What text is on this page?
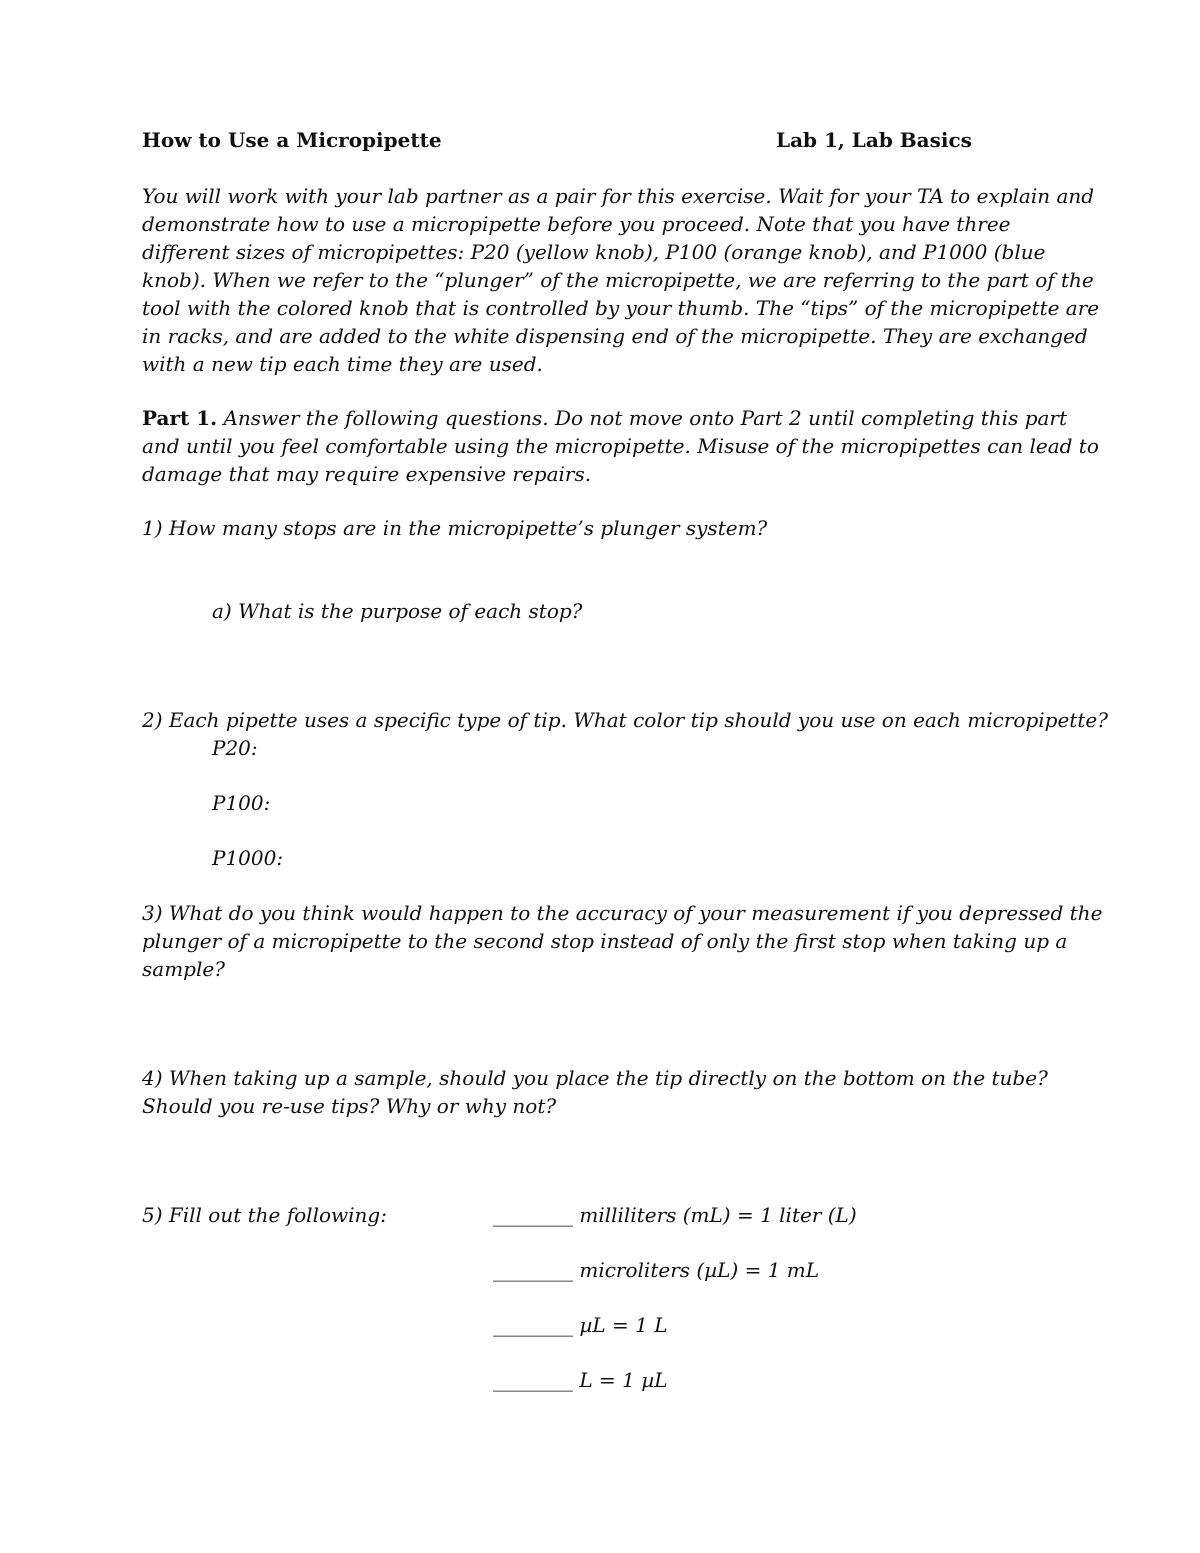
How to Use a Micropipette	Lab 1, Lab Basics
You will work with your lab partner as a pair for this exercise. Wait for your TA to explain and
demonstrate how to use a micropipette before you proceed. Note that you have three
different sizes of micropipettes: P20 (yellow knob), P100 (orange knob), and P1000 (blue
knob). When we refer to the “plunger” of the micropipette, we are referring to the part of the
tool with the colored knob that is controlled by your thumb. The “tips” of the micropipette are
in racks, and are added to the white dispensing end of the micropipette. They are exchanged
with a new tip each time they are used.
Part 1. Answer the following questions. Do not move onto Part 2 until completing this part
and until you feel comfortable using the micropipette. Misuse of the micropipettes can lead to
damage that may require expensive repairs.
1) How many stops are in the micropipette’s plunger system?
a) What is the purpose of each stop?
2) Each pipette uses a specific type of tip. What color tip should you use on each micropipette?
P20:
P100:
P1000:
3) What do you think would happen to the accuracy of your measurement if you depressed the
plunger of a micropipette to the second stop instead of only the first stop when taking up a
sample?
4) When taking up a sample, should you place the tip directly on the bottom on the tube?
Should you re-use tips? Why or why not?
5) Fill out the following:	________ milliliters (mL) = 1 liter (L)
________ microliters (µL) = 1 mL
________ µL = 1 L
________ L = 1 µL
